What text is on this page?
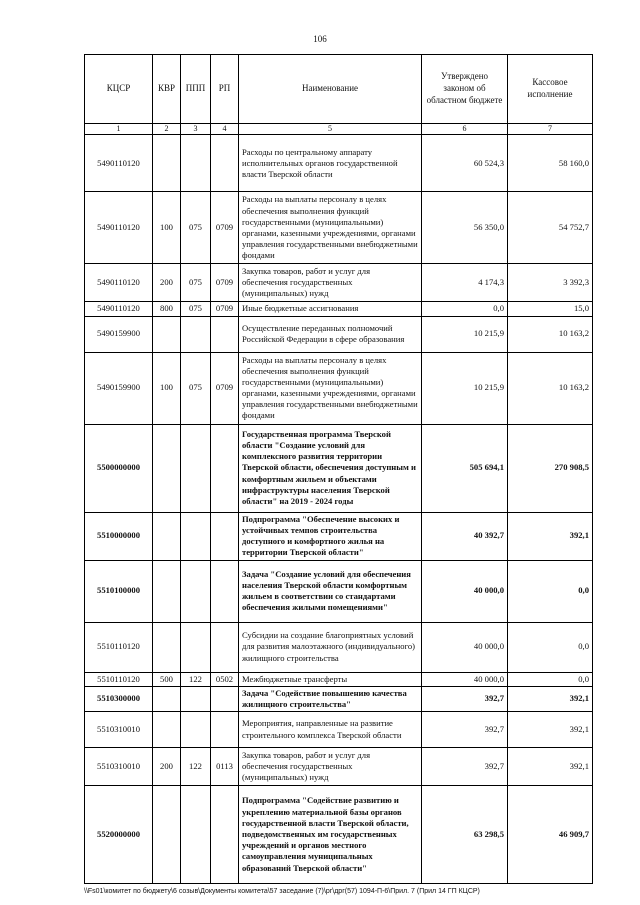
106
КЦСР	КВР	ППП	РП	Наименование	Утверждено законом об областном бюджете	Кассовое исполнение
1	2	3	4	5	6	7
5490110120				Расходы по центральному аппарату исполнительных органов государственной власти Тверской области	60 524,3	58 160,0
5490110120	100	075	0709	Расходы на выплаты персоналу в целях обеспечения выполнения функций государственными (муниципальными) органами, казенными учреждениями, органами управления государственными внебюджетными фондами	56 350,0	54 752,7
5490110120	200	075	0709	Закупка товаров, работ и услуг для обеспечения государственных (муниципальных) нужд	4 174,3	3 392,3
5490110120	800	075	0709	Иные бюджетные ассигнования	0,0	15,0
5490159900				Осуществление переданных полномочий Российской Федерации в сфере образования	10 215,9	10 163,2
5490159900	100	075	0709	Расходы на выплаты персоналу в целях обеспечения выполнения функций государственными (муниципальными) органами, казенными учреждениями, органами управления государственными внебюджетными фондами	10 215,9	10 163,2
5500000000				Государственная программа Тверской области "Создание условий для комплексного развития территории Тверской области, обеспечения доступным и комфортным жильем и объектами инфраструктуры населения Тверской области" на 2019 - 2024 годы	505 694,1	270 908,5
5510000000				Подпрограмма "Обеспечение высоких и устойчивых темпов строительства доступного и комфортного жилья на территории Тверской области"	40 392,7	392,1
5510100000				Задача "Создание условий для обеспечения населения Тверской области комфортным жильем в соответствии со стандартами обеспечения жилыми помещениями"	40 000,0	0,0
5510110120				Субсидии на создание благоприятных условий для развития малоэтажного (индивидуального) жилищного строительства	40 000,0	0,0
5510110120	500	122	0502	Межбюджетные трансферты	40 000,0	0,0
5510300000				Задача "Содействие повышению качества жилищного строительства"	392,7	392,1
5510310010				Мероприятия, направленные на развитие строительного комплекса Тверской области	392,7	392,1
5510310010	200	122	0113	Закупка товаров, работ и услуг для обеспечения государственных (муниципальных) нужд	392,7	392,1
5520000000				Подпрограмма "Содействие развитию и укреплению материальной базы органов государственной власти Тверской области, подведомственных им государственных учреждений и органов местного самоуправления муниципальных образований Тверской области"	63 298,5	46 909,7
\\Fs01\комитет по бюджету\6 созыв\Документы комитета\57 заседание (7)\рг\дрг(57) 1094-П-6\Прил. 7 (Прил 14 ГП КЦСР)
